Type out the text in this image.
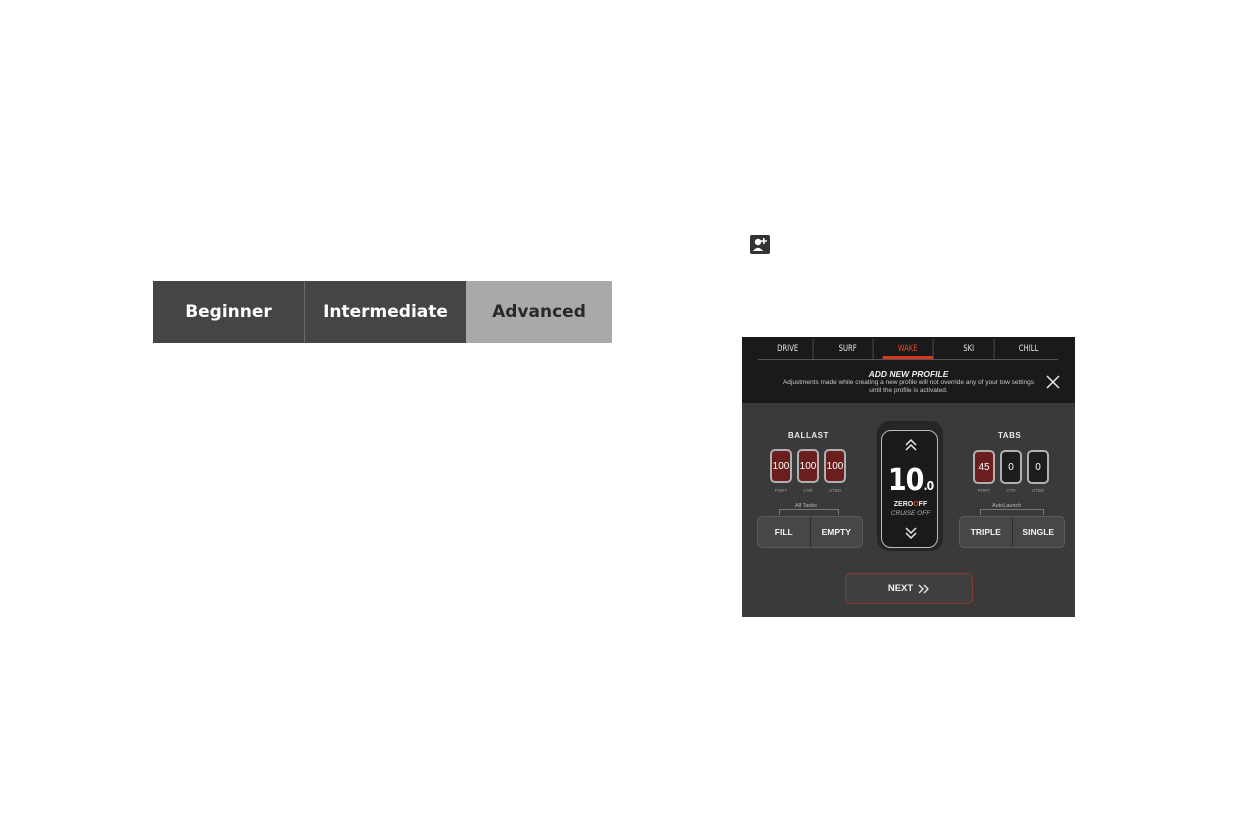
Beginner	Intermediate	Advanced
DRIVE	SURF	WAKE	SKI	CHILL
ADD NEW PROFILE
Adjustments made while creating a new profile will not override any of your tow settings until the profile is activated.
BALLAST
100 100 100
PORT	CTR	STBD
All Tanks
FILL	EMPTY
10.0
ZEROOFF
CRUISE OFF
TABS
45	0	0
PORT	CTR	STBD
AutoLaunch
TRIPLE	SINGLE
NEXT
